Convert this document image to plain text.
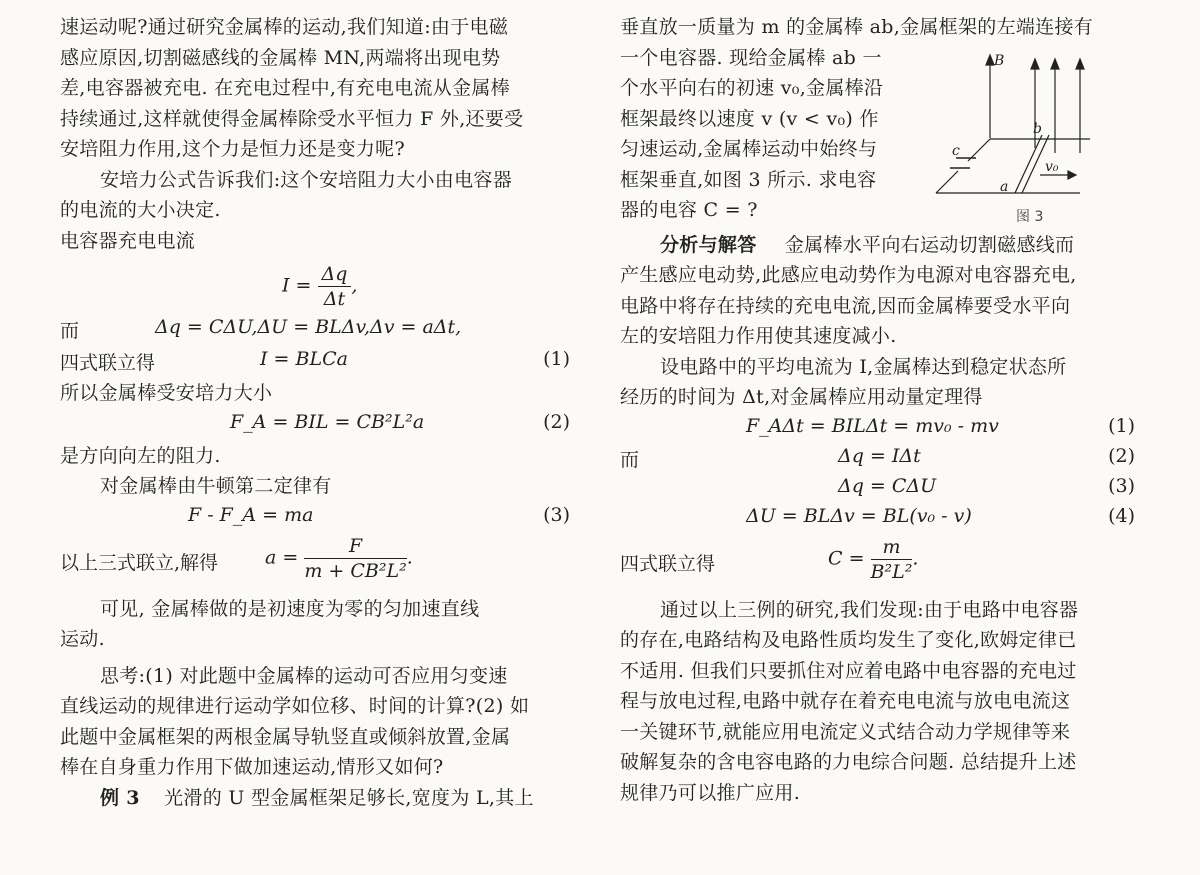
速运动呢?通过研究金属棒的运动,我们知道:由于电磁
感应原因,切割磁感线的金属棒 MN,两端将出现电势
差,电容器被充电. 在充电过程中,有充电电流从金属棒
持续通过,这样就使得金属棒除受水平恒力 F 外,还要受
安培阻力作用,这个力是恒力还是变力呢?
安培力公式告诉我们:这个安培阻力大小由电容器
的电流的大小决定.
电容器充电电流
$I = \frac{\Delta q}{\Delta t}$ ,
而	Δq = CΔU,ΔU = BLΔv,Δv = aΔt,
四式联立得	I = BLCa	(1)
所以金属棒受安培力大小
F_A = BIL = CB²L²a	(2)
是方向向左的阻力.
对金属棒由牛顿第二定律有
F - F_A = ma	(3)
以上三式联立,解得 $a = \frac{F}{\text{m + CB²L²}}$ .
可见, 金属棒做的是初速度为零的匀加速直线
运动.
思考:(1) 对此题中金属棒的运动可否应用匀变速
直线运动的规律进行运动学如位移、时间的计算?(2) 如
此题中金属框架的两根金属导轨竖直或倾斜放置,金属
棒在自身重力作用下做加速运动,情形又如何?
例 3 光滑的 U 型金属框架足够长,宽度为 L,其上
垂直放一质量为 m 的金属棒 ab,金属框架的左端连接有
一个电容器. 现给金属棒 ab 一
个水平向右的初速 v₀,金属棒沿
框架最终以速度 v (v < v₀) 作
匀速运动,金属棒运动中始终与
框架垂直,如图 3 所示. 求电容
器的电容 C = ?
B
b
c
a
v₀
图 3
分析与解答 金属棒水平向右运动切割磁感线而
产生感应电动势,此感应电动势作为电源对电容器充电,
电路中将存在持续的充电电流,因而金属棒要受水平向
左的安培阻力作用使其速度减小.
设电路中的平均电流为 I,金属棒达到稳定状态所
经历的时间为 Δt,对金属棒应用动量定理得
F_AΔt = BILΔt = mv₀ - mv	(1)
而	Δq = IΔt	(2)
Δq = CΔU	(3)
ΔU = BLΔv = BL(v₀ - v)	(4)
四式联立得	$C = \frac{m}{\text{B²L²}}$ .
通过以上三例的研究,我们发现:由于电路中电容器
的存在,电路结构及电路性质均发生了变化,欧姆定律已
不适用. 但我们只要抓住对应着电路中电容器的充电过
程与放电过程,电路中就存在着充电电流与放电电流这
一关键环节,就能应用电流定义式结合动力学规律等来
破解复杂的含电容电路的力电综合问题. 总结提升上述
规律乃可以推广应用.
